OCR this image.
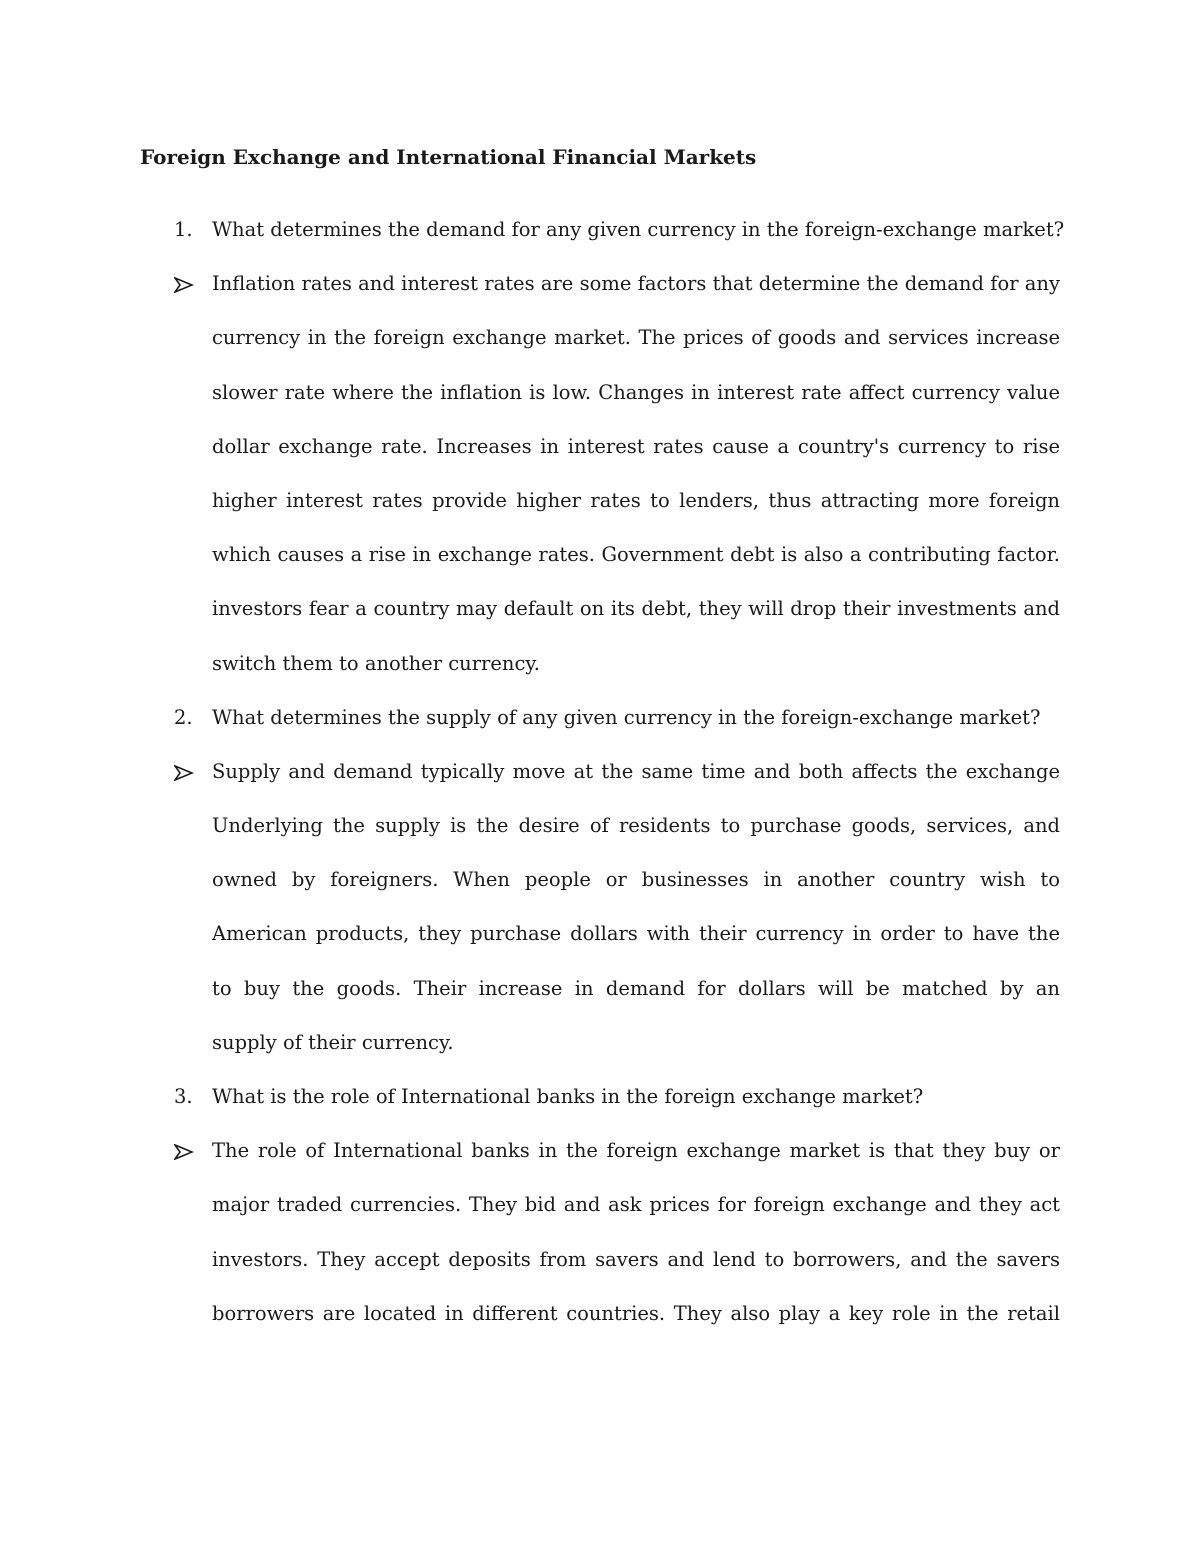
Foreign Exchange and International Financial Markets
1. What determines the demand for any given currency in the foreign-exchange market?
Inflation rates and interest rates are some factors that determine the demand for any
currency in the foreign exchange market. The prices of goods and services increase
slower rate where the inflation is low. Changes in interest rate affect currency value
dollar exchange rate. Increases in interest rates cause a country's currency to rise
higher interest rates provide higher rates to lenders, thus attracting more foreign
which causes a rise in exchange rates. Government debt is also a contributing factor.
investors fear a country may default on its debt, they will drop their investments and
switch them to another currency.
2. What determines the supply of any given currency in the foreign-exchange market?
Supply and demand typically move at the same time and both affects the exchange
Underlying the supply is the desire of residents to purchase goods, services, and
owned by foreigners. When people or businesses in another country wish to
American products, they purchase dollars with their currency in order to have the
to buy the goods. Their increase in demand for dollars will be matched by an
supply of their currency.
3. What is the role of International banks in the foreign exchange market?
The role of International banks in the foreign exchange market is that they buy or
major traded currencies. They bid and ask prices for foreign exchange and they act
investors. They accept deposits from savers and lend to borrowers, and the savers
borrowers are located in different countries. They also play a key role in the retail
